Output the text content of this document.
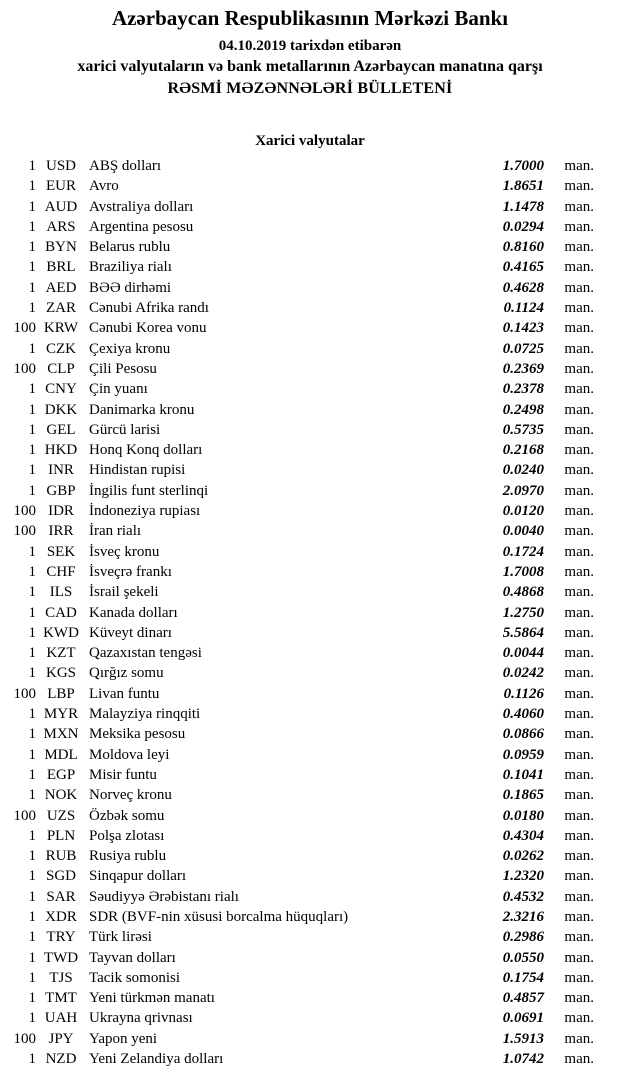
Azərbaycan Respublikasının Mərkəzi Bankı
04.10.2019 tarixdən etibarən
xarici valyutaların və bank metallarının Azərbaycan manatına qarşı
RƏSMİ MƏZƏNNƏLƏRİ BÜLLETENİ
Xarici valyutalar
1 USD ABŞ dolları	1.7000	man.
1 EUR Avro	1.8651	man.
1 AUD Avstraliya dolları	1.1478	man.
1 ARS Argentina pesosu	0.0294	man.
1 BYN Belarus rublu	0.8160	man.
1 BRL Braziliya rialı	0.4165	man.
1 AED BƏƏ dirhəmi	0.4628	man.
1 ZAR Cənubi Afrika randı	0.1124	man.
100 KRW Cənubi Korea vonu	0.1423	man.
1 CZK Çexiya kronu	0.0725	man.
100 CLP Çili Pesosu	0.2369	man.
1 CNY Çin yuanı	0.2378	man.
1 DKK Danimarka kronu	0.2498	man.
1 GEL Gürcü larisi	0.5735	man.
1 HKD Honq Konq dolları	0.2168	man.
1 INR	Hindistan rupisi	0.0240	man.
1 GBP İngilis funt sterlinqi	2.0970	man.
100 IDR	İndoneziya rupiası	0.0120	man.
100 IRR	İran rialı	0.0040	man.
1 SEK İsveç kronu	0.1724	man.
1 CHF İsveçrə frankı	1.7008	man.
1 ILS	İsrail şekeli	0.4868	man.
1 CAD Kanada dolları	1.2750	man.
1 KWD Küveyt dinarı	5.5864	man.
1 KZT Qazaxıstan tengəsi	0.0044	man.
1 KGS Qırğız somu	0.0242	man.
100 LBP Livan funtu	0.1126	man.
1 MYR Malayziya rinqqiti	0.4060	man.
1 MXN Meksika pesosu	0.0866	man.
1 MDL Moldova leyi	0.0959	man.
1 EGP Misir funtu	0.1041	man.
1 NOK Norveç kronu	0.1865	man.
100 UZS Özbək somu	0.0180	man.
1 PLN Polşa zlotası	0.4304	man.
1 RUB Rusiya rublu	0.0262	man.
1 SGD Sinqapur dolları	1.2320	man.
1 SAR Səudiyyə Ərəbistanı rialı	0.4532	man.
1 XDR SDR (BVF-nin xüsusi borcalma hüquqları)	2.3216	man.
1 TRY Türk lirəsi	0.2986	man.
1 TWD Tayvan dolları	0.0550	man.
1 TJS	Tacik somonisi	0.1754	man.
1 TMT Yeni türkmən manatı	0.4857	man.
1 UAH Ukrayna qrivnası	0.0691	man.
100 JPY	Yapon yeni	1.5913	man.
1 NZD Yeni Zelandiya dolları	1.0742	man.
